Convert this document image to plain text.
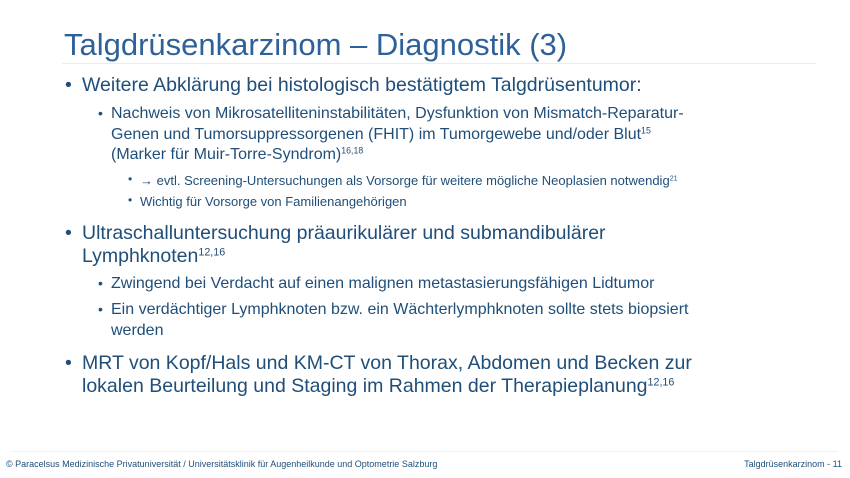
Talgdrüsenkarzinom – Diagnostik (3)
• Weitere Abklärung bei histologisch bestätigtem Talgdrüsentumor:
• Nachweis von Mikrosatelliteninstabilitäten, Dysfunktion von Mismatch-Reparatur-
Genen und Tumorsuppressorgenen (FHIT) im Tumorgewebe und/oder Blut$^{15}$
(Marker für Muir-Torre-Syndrom)$^{16,18}$
• → evtl. Screening-Untersuchungen als Vorsorge für weitere mögliche Neoplasien notwendig$^{21}$
• Wichtig für Vorsorge von Familienangehörigen
• Ultraschalluntersuchung präaurikulärer und submandibulärer
Lymphknoten$^{12,16}$
• Zwingend bei Verdacht auf einen malignen metastasierungsfähigen Lidtumor
• Ein verdächtiger Lymphknoten bzw. ein Wächterlymphknoten sollte stets biopsiert
werden
• MRT von Kopf/Hals und KM-CT von Thorax, Abdomen und Becken zur
lokalen Beurteilung und Staging im Rahmen der Therapieplanung$^{12,16}$
© Paracelsus Medizinische Privatuniversität / Universitätsklinik für Augenheilkunde und Optometrie Salzburg	Talgdrüsenkarzinom - 11
